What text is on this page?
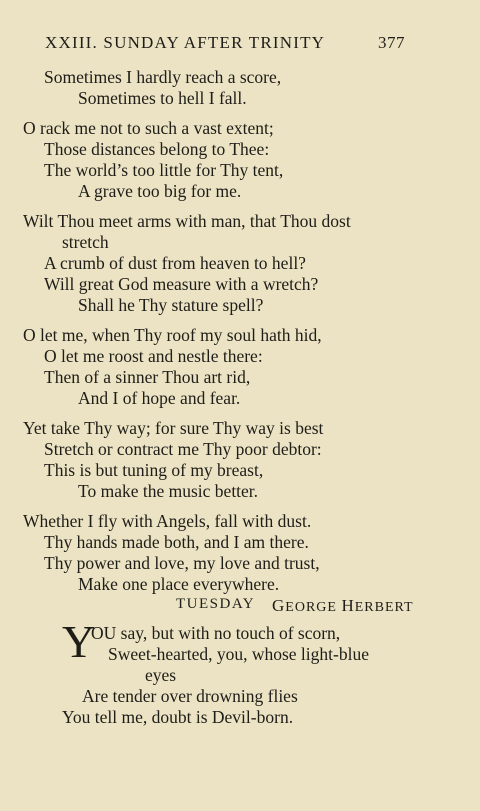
XXIII. SUNDAY AFTER TRINITY	377
Sometimes I hardly reach a score,
Sometimes to hell I fall.
O rack me not to such a vast extent;
Those distances belong to Thee:
The world’s too little for Thy tent,
A grave too big for me.
Wilt Thou meet arms with man, that Thou dost
stretch
A crumb of dust from heaven to hell?
Will great God measure with a wretch?
Shall he Thy stature spell?
O let me, when Thy roof my soul hath hid,
O let me roost and nestle there:
Then of a sinner Thou art rid,
And I of hope and fear.
Yet take Thy way; for sure Thy way is best
Stretch or contract me Thy poor debtor:
This is but tuning of my breast,
To make the music better.
Whether I fly with Angels, fall with dust.
Thy hands made both, and I am there.
Thy power and love, my love and trust,
Make one place everywhere.
GEORGE HERBERT
TUESDAY
Y
OU say, but with no touch of scorn,
Sweet-hearted, you, whose light-blue
eyes
Are tender over drowning flies
You tell me, doubt is Devil-born.
